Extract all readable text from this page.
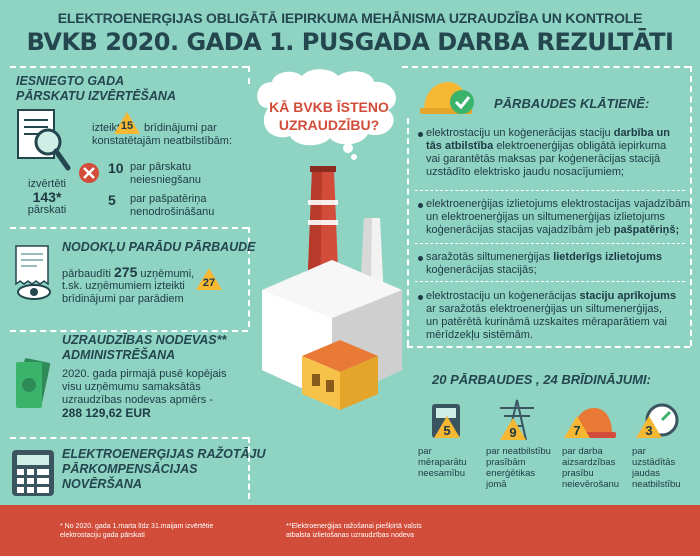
ELEKTROENERĢIJAS OBLIGĀTĀ IEPIRKUMA MEHĀNISMA UZRAUDZĪBA UN KONTROLE
BVKB 2020. GADA 1. PUSGADA DARBA REZULTĀTI
IESNIEGTO GADA
PĀRSKATU IZVĒRTĒŠANA
izvērtēti
143*
pārskati
izteikti
15 brīdinājumi par
konstatētajām neatbilstībām:
10 par pārskatu
neiesniegšanu
5 par pašpatēriņa
nenodrošināšanu
NODOKĻU PARĀDU PĀRBAUDE
pārbaudīti 275 uzņēmumi,
t.sk. uzņēmumiem izteikti
brīdinājumi par parādiem
27
UZRAUDZĪBAS NODEVAS**
ADMINISTRĒŠANA
2020. gada pirmajā pusē kopējais
visu uzņēmumu samaksātās
uzraudzības nodevas apmērs -
288 129,62 EUR
ELEKTROENERĢIJAS RAŽOTĀJU
PĀRKOMPENSĀCIJAS
NOVĒRŠANA
KĀ BVKB ĪSTENO
UZRAUDZĪBU?
PĀRBAUDES KLĀTIENĒ:
elektrostaciju un koģenerācijas staciju darbība un
tās atbilstība elektroenerģijas obligātā iepirkuma
vai garantētās maksas par koģenerācijas stacijā
uzstādīto elektrisko jaudu nosacījumiem;
elektroenerģijas izlietojums elektrostacijas vajadzībām
un elektroenerģijas un siltumenerģijas izlietojums
koģenerācijas stacijas vajadzībām jeb pašpatēriņš;
saražotās siltumenerģijas lietderīgs izlietojums
koģenerācijas stacijās;
elektrostaciju un koģenerācijas staciju aprīkojums
ar saražotās elektroenerģijas un siltumenerģijas,
un patērētā kurināmā uzskaites mēraparātiem vai
mērīdzekļu sistēmām.
20 PĀRBAUDES , 24 BRĪDINĀJUMI:
5
par
mēraparātu
neesamību
9
par neatbilstību
prasībām
enerģētikas
jomā
7
par darba
aizsardzības
prasību
neievērošanu
3
par
uzstādītās
jaudas
neatbilstību
* No 2020. gada 1.marta līdz 31.maijam izvērtētie
elektrostaciju gada pārskati
**Elektroenerģijas ražošanai piešķirtā valsts
atbalsta izlietošanas uzraudzības nodeva
